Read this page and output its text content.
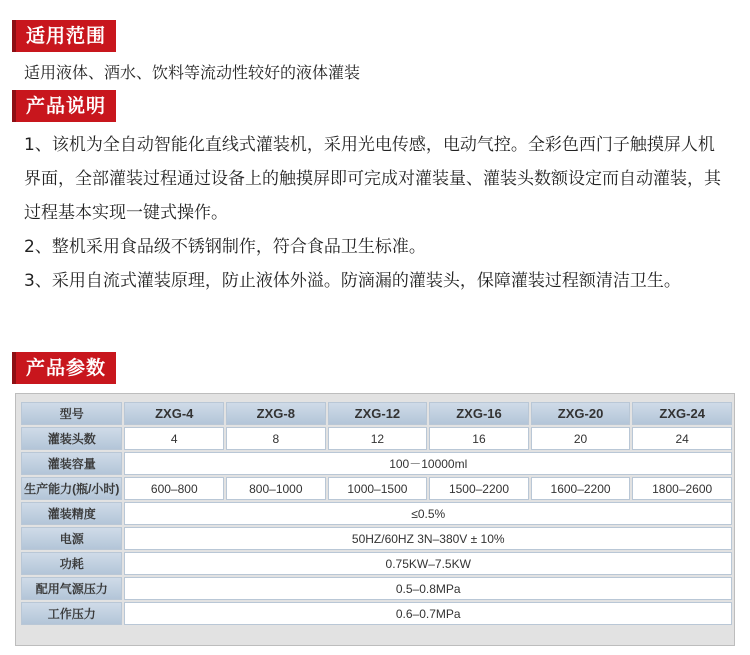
适用范围
适用液体、酒水、饮料等流动性较好的液体灌装
产品说明

1、该机为全自动智能化直线式灌装机，采用光电传感，电动气控。全彩色西门子触摸屏人机界面，全部灌装过程通过设备上的触摸屏即可完成对灌装量、灌装头数额设定而自动灌装，其过程基本实现一键式操作。

2、整机采用食品级不锈钢制作，符合食品卫生标准。

3、采用自流式灌装原理，防止液体外溢。防滴漏的灌装头，保障灌装过程额清洁卫生。

产品参数
型号	ZXG-4	ZXG-8	ZXG-12	ZXG-16	ZXG-20	ZXG-24
灌装头数	4	8	12	16	20	24
灌装容量	100－10000ml					
生产能力(瓶/小时)	600–800	800–1000	1000–1500	1500–2200	1600–2200	1800–2600
灌装精度	≤0.5%					
电源	50HZ/60HZ 3N–380V ± 10%					
功耗	0.75KW–7.5KW					
配用气源压力	0.5–0.8MPa					
工作压力	0.6–0.7MPa					
